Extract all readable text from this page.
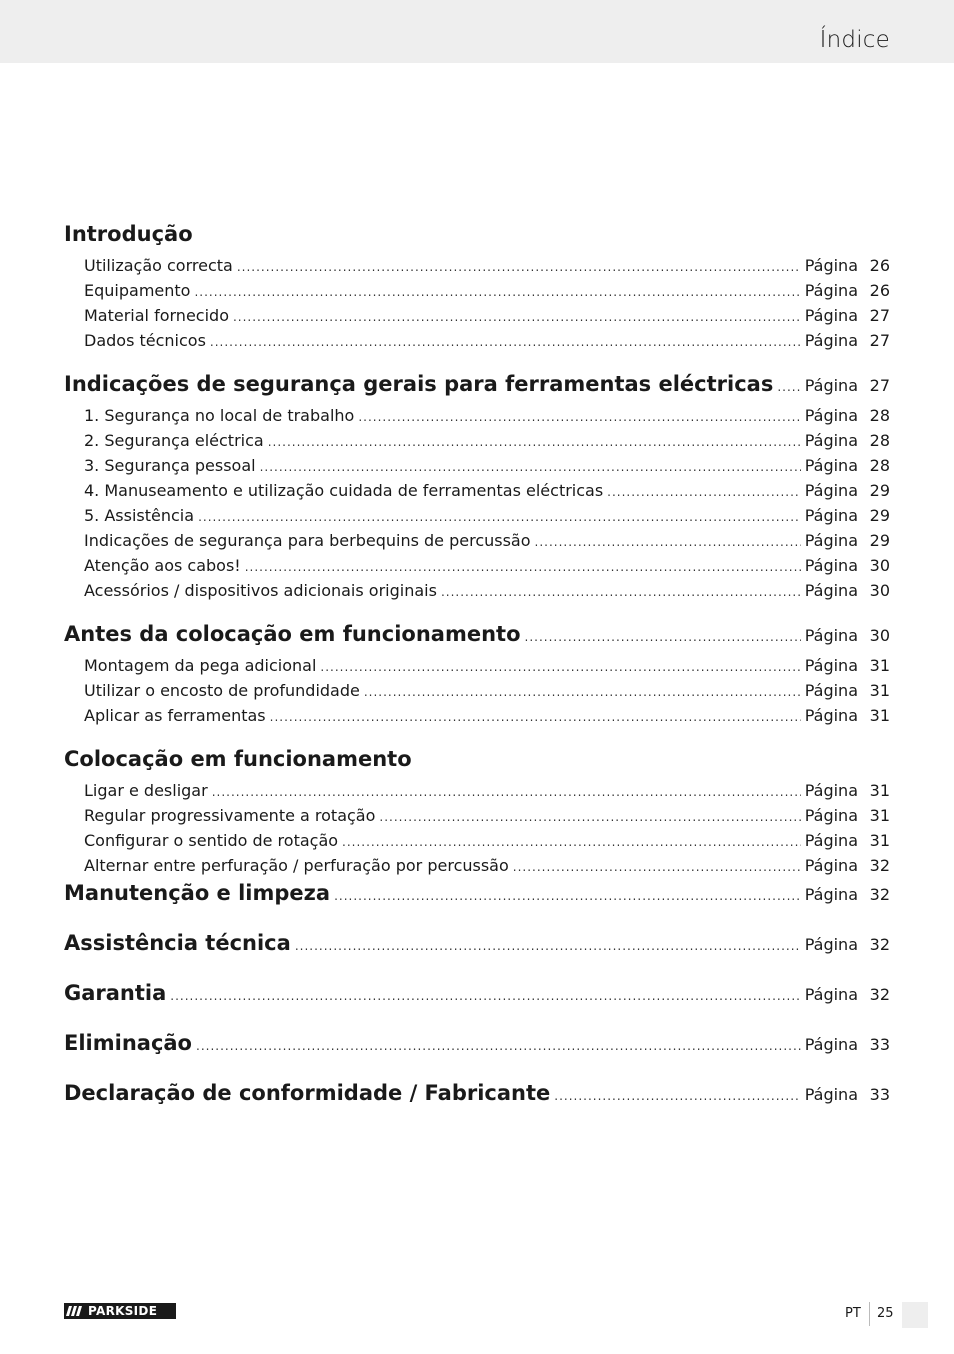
Índice
Introdução
Utilização correcta .....	Página 26
Equipamento .....	Página 26
Material fornecido .....	Página 27
Dados técnicos .....	Página 27
Indicações de segurança gerais para ferramentas eléctricas ..... Página 27
1. Segurança no local de trabalho .....	Página 28
2. Segurança eléctrica .....	Página 28
3. Segurança pessoal .....	Página 28
4. Manuseamento e utilização cuidada de ferramentas eléctricas .....	Página 29
5. Assistência .....	Página 29
Indicações de segurança para berbequins de percussão .....	Página 29
Atenção aos cabos! .....	Página 30
Acessórios / dispositivos adicionais originais .....	Página 30
Antes da colocação em funcionamento .....	Página 30
Montagem da pega adicional .....	Página 31
Utilizar o encosto de profundidade .....	Página 31
Aplicar as ferramentas .....	Página 31
Colocação em funcionamento
Ligar e desligar .....	Página 31
Regular progressivamente a rotação .....	Página 31
Configurar o sentido de rotação .....	Página 31
Alternar entre perfuração / perfuração por percussão .....	Página 32
Manutenção e limpeza .....	Página 32
Assistência técnica .....	Página 32
Garantia .....	Página 32
Eliminação .....	Página 33
Declaração de conformidade / Fabricante .....	Página 33
PARKSIDE	PT 25
